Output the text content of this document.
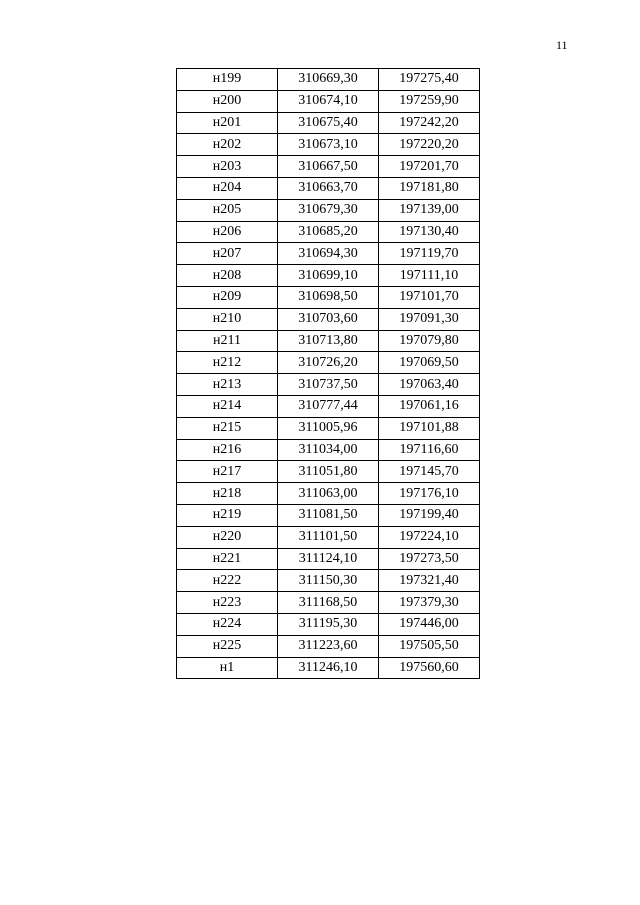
11
н199	310669,30	197275,40
н200	310674,10	197259,90
н201	310675,40	197242,20
н202	310673,10	197220,20
н203	310667,50	197201,70
н204	310663,70	197181,80
н205	310679,30	197139,00
н206	310685,20	197130,40
н207	310694,30	197119,70
н208	310699,10	197111,10
н209	310698,50	197101,70
н210	310703,60	197091,30
н211	310713,80	197079,80
н212	310726,20	197069,50
н213	310737,50	197063,40
н214	310777,44	197061,16
н215	311005,96	197101,88
н216	311034,00	197116,60
н217	311051,80	197145,70
н218	311063,00	197176,10
н219	311081,50	197199,40
н220	311101,50	197224,10
н221	311124,10	197273,50
н222	311150,30	197321,40
н223	311168,50	197379,30
н224	311195,30	197446,00
н225	311223,60	197505,50
н1	311246,10	197560,60
